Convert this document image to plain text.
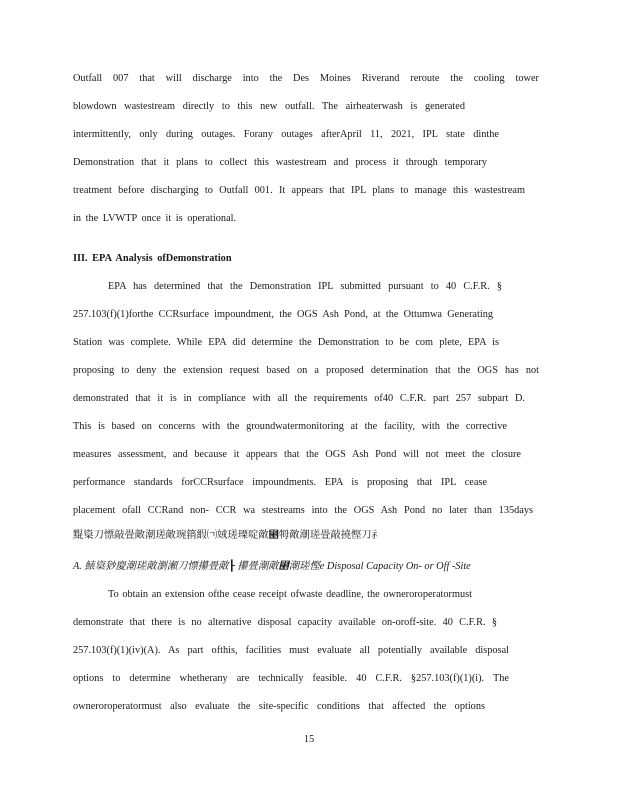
Outfall 007 that will discharge into the Des Moines Riverand reroute the cooling tower
blowdown wastestream directly to this new outfall. The airheaterwash is generated
intermittently, only during outages. Forany outages afterApril 11, 2021, IPL state dinthe
Demonstration that it plans to collect this wastestream and process it through temporary
treatment before discharging to Outfall 001. It appears that IPL plans to manage this wastestream
in the LVWTP once it is operational.
III. EPA Analysis ofDemonstration
EPA has determined that the Demonstration IPL submitted pursuant to 40 C.F.R. §
257.103(f)(1)forthe CCRsurface impoundment, the OGS Ash Pond, at the Ottumwa Generating
Station was complete. While EPA did determine the Demonstration to be com plete, EPA is
proposing to deny the extension request based on a proposed determination that the OGS has not
demonstrated that it is in compliance with all the requirements of40 C.F.R. part 257 subpart D.
This is based on concerns with the groundwatermonitoring at the facility, with the corrective
measures assessment, and because it appears that the OGS Ash Pond will not meet the closure
performance standards forCCRsurface impoundments. EPA is proposing that IPL cease
placement ofall CCRand non- CCR wa stestreams into the OGS Ash Pond no later than 135days
䵪楶刀慓敲畳敵潮瑳敵琬䈰縀㈀娀瑳瑮啶敵⹥牳敵潮瑳畳敲撓慳刀⺬
A. 䱪楶猀慶潮瑳敵瀏瀬刀慓攥畳敵┠ 攥畳潮敵⹥潮瑳慳e Disposal Capacity On- or Off -Site
To obtain an extension ofthe cease receipt ofwaste deadline, the owneroroperatormust
demonstrate that there is no alternative disposal capacity available on-oroff-site. 40 C.F.R. §
257.103(f)(1)(iv)(A). As part ofthis, facilities must evaluate all potentially available disposal
options to determine whetherany are technically feasible. 40 C.F.R. §257.103(f)(1)(i). The
owneroroperatormust also evaluate the site-specific conditions that affected the options
15
